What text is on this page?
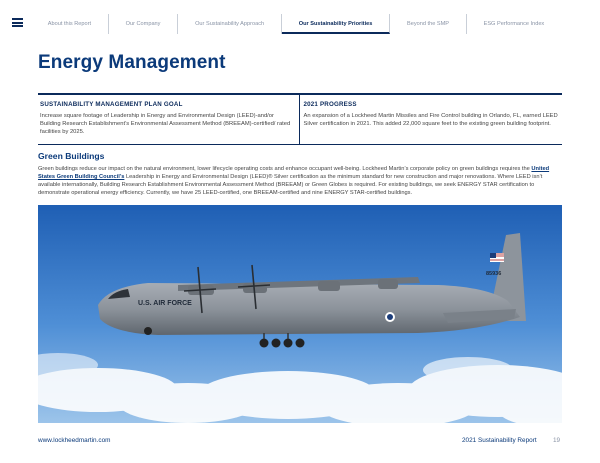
About this Report	Our Company	Our Sustainability Approach	Our Sustainability Priorities	Beyond the SMP	ESG Performance Index
Energy Management
SUSTAINABILITY MANAGEMENT PLAN GOAL
Increase square footage of Leadership in Energy and Environmental Design (LEED)-and/or Building Research Establishment’s Environmental Assessment Method (BREEAM)-certified/ rated facilities by 2025.
2021 PROGRESS
An expansion of a Lockheed Martin Missiles and Fire Control building in Orlando, FL, earned LEED Silver certification in 2021. This added 22,000 square feet to the existing green building footprint.
Green Buildings
Green buildings reduce our impact on the natural environment, lower lifecycle operating costs and enhance occupant well-being. Lockheed Martin’s corporate policy on green buildings requires the United States Green Building Council’s Leadership in Energy and Environmental Design (LEED)® Silver certification as the minimum standard for new construction and major renovations. Where LEED isn’t available internationally, Building Research Establishment Environmental Assessment Method (BREEAM) or Green Globes is required. For existing buildings, we seek ENERGY STAR certification to demonstrate operational energy efficiency. Currently, we have 25 LEED-certified, one BREEAM-certified and nine ENERGY STAR-certified buildings.
U.S. AIR FORCE
85936
www.lockheedmartin.com	2021 Sustainability Report	19
